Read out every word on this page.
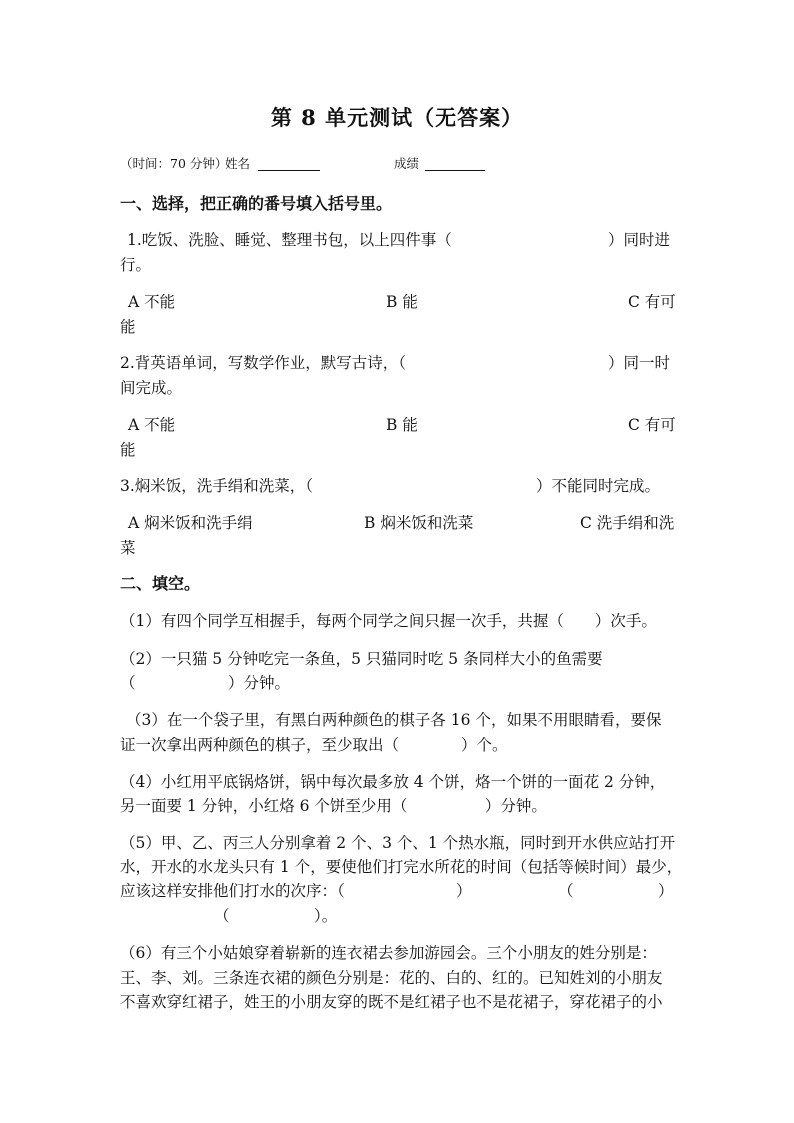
第 8 单元测试（无答案）
（时间：70 分钟）
姓名	成绩
一、选择，把正确的番号填入括号里。
1.吃饭、洗脸、睡觉、整理书包，以上四件事（	）同时进
行。
A 不能	B 能	C 有可
能
2.背英语单词，写数学作业，默写古诗，（	）同一时
间完成。
A 不能	B 能	C 有可
能
3.焖米饭，洗手绢和洗菜，（	）不能同时完成。
A 焖米饭和洗手绢	B 焖米饭和洗菜	C 洗手绢和洗
菜
二、填空。
（1）有四个同学互相握手，每两个同学之间只握一次手，共握（　　）次手。
（2）一只猫 5 分钟吃完一条鱼，5 只猫同时吃 5 条同样大小的鱼需要
（	）分钟。
（3）在一个袋子里，有黑白两种颜色的棋子各 16 个，如果不用眼睛看，要保
证一次拿出两种颜色的棋子，至少取出（　　　　）个。
（4）小红用平底锅烙饼，锅中每次最多放 4 个饼，烙一个饼的一面花 2 分钟，
另一面要 1 分钟，小红烙 6 个饼至少用（　　　　　）分钟。
（5）甲、乙、丙三人分别拿着 2 个、3 个、1 个热水瓶，同时到开水供应站打开
水，开水的水龙头只有 1 个，要使他们打完水所花的时间（包括等候时间）最少，
应该这样安排他们打水的次序：（	）	（	）
（	）。
（6）有三个小姑娘穿着崭新的连衣裙去参加游园会。三个小朋友的姓分别是：
王、李、刘。三条连衣裙的颜色分别是：花的、白的、红的。已知姓刘的小朋友
不喜欢穿红裙子，姓王的小朋友穿的既不是红裙子也不是花裙子，穿花裙子的小
